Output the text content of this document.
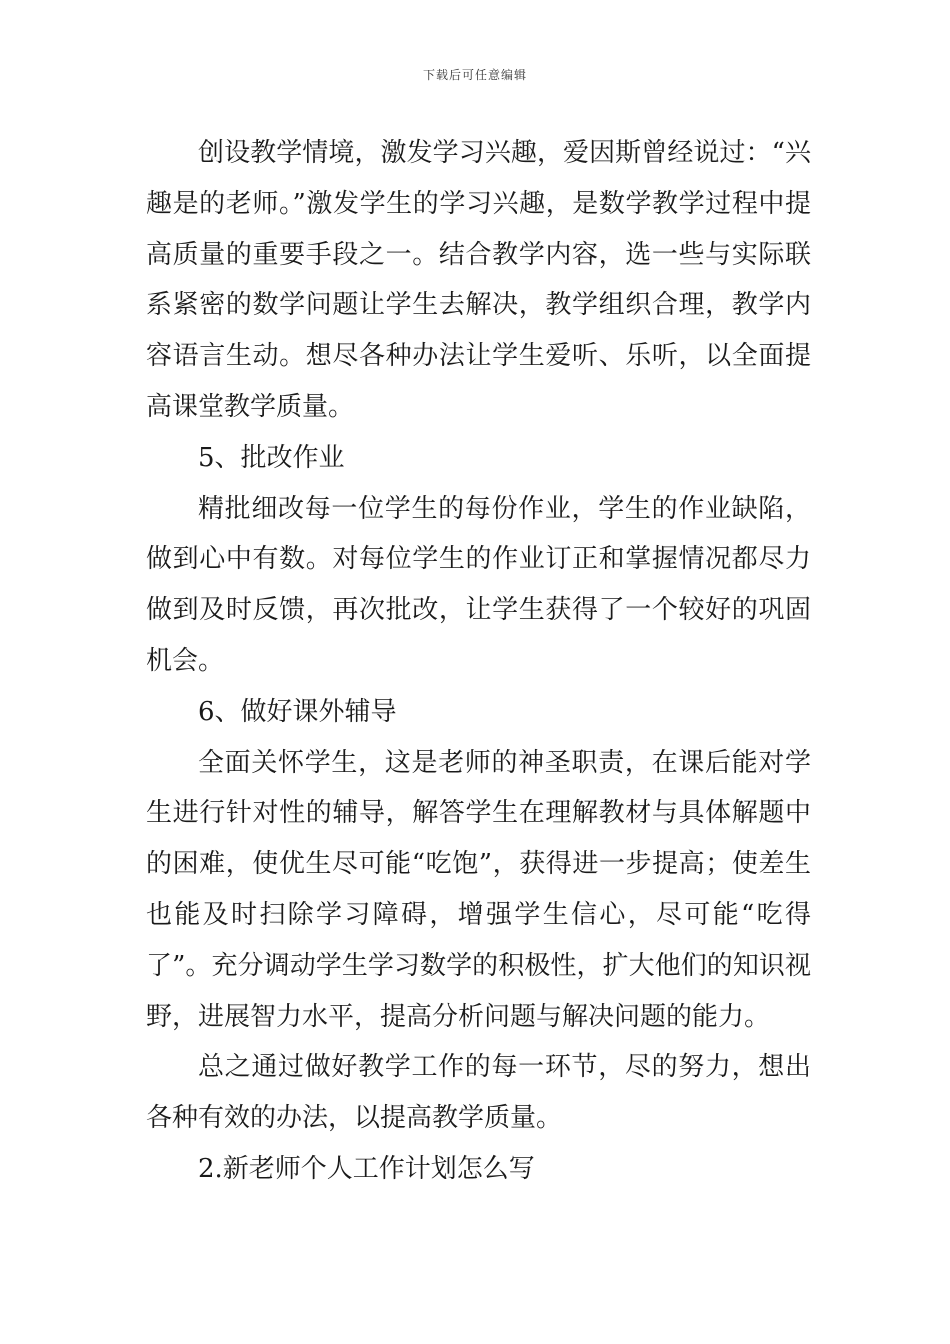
下载后可任意编辑

创设教学情境，激发学习兴趣，爱因斯曾经说过：“兴趣是的老师。”激发学生的学习兴趣，是数学教学过程中提高质量的重要手段之一。结合教学内容，选一些与实际联系紧密的数学问题让学生去解决，教学组织合理，教学内容语言生动。想尽各种办法让学生爱听、乐听，以全面提高课堂教学质量。

5、批改作业

精批细改每一位学生的每份作业，学生的作业缺陷，做到心中有数。对每位学生的作业订正和掌握情况都尽力做到及时反馈，再次批改，让学生获得了一个较好的巩固机会。

6、做好课外辅导

全面关怀学生，这是老师的神圣职责，在课后能对学生进行针对性的辅导，解答学生在理解教材与具体解题中的困难，使优生尽可能“吃饱”，获得进一步提高；使差生也能及时扫除学习障碍，增强学生信心，尽可能“吃得了”。充分调动学生学习数学的积极性，扩大他们的知识视野，进展智力水平，提高分析问题与解决问题的能力。

总之通过做好教学工作的每一环节，尽的努力，想出各种有效的办法，以提高教学质量。

2.新老师个人工作计划怎么写
